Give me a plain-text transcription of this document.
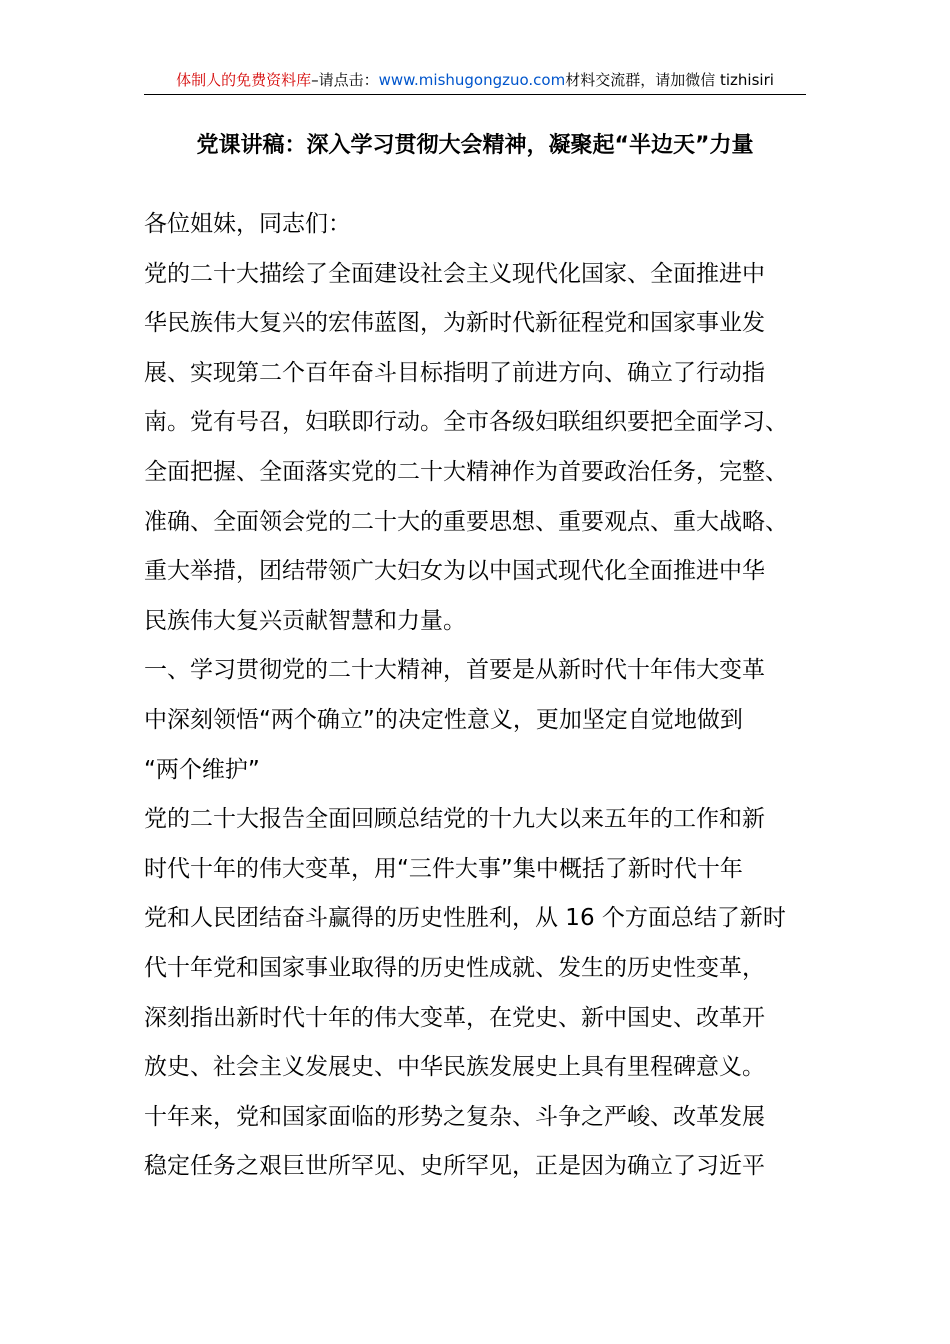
体制人的免费资料库–请点击：www.mishugongzuo.com材料交流群，请加微信 tizhisiri
党课讲稿：深入学习贯彻大会精神，凝聚起“半边天”力量

各位姐妹，同志们：

党的二十大描绘了全面建设社会主义现代化国家、全面推进中

华民族伟大复兴的宏伟蓝图，为新时代新征程党和国家事业发

展、实现第二个百年奋斗目标指明了前进方向、确立了行动指

南。党有号召，妇联即行动。全市各级妇联组织要把全面学习、

全面把握、全面落实党的二十大精神作为首要政治任务，完整、

准确、全面领会党的二十大的重要思想、重要观点、重大战略、

重大举措，团结带领广大妇女为以中国式现代化全面推进中华

民族伟大复兴贡献智慧和力量。

一、学习贯彻党的二十大精神，首要是从新时代十年伟大变革

中深刻领悟“两个确立”的决定性意义，更加坚定自觉地做到

“两个维护”

党的二十大报告全面回顾总结党的十九大以来五年的工作和新

时代十年的伟大变革，用“三件大事”集中概括了新时代十年

党和人民团结奋斗赢得的历史性胜利，从 16 个方面总结了新时

代十年党和国家事业取得的历史性成就、发生的历史性变革，

深刻指出新时代十年的伟大变革，在党史、新中国史、改革开

放史、社会主义发展史、中华民族发展史上具有里程碑意义。

十年来，党和国家面临的形势之复杂、斗争之严峻、改革发展

稳定任务之艰巨世所罕见、史所罕见，正是因为确立了习近平
